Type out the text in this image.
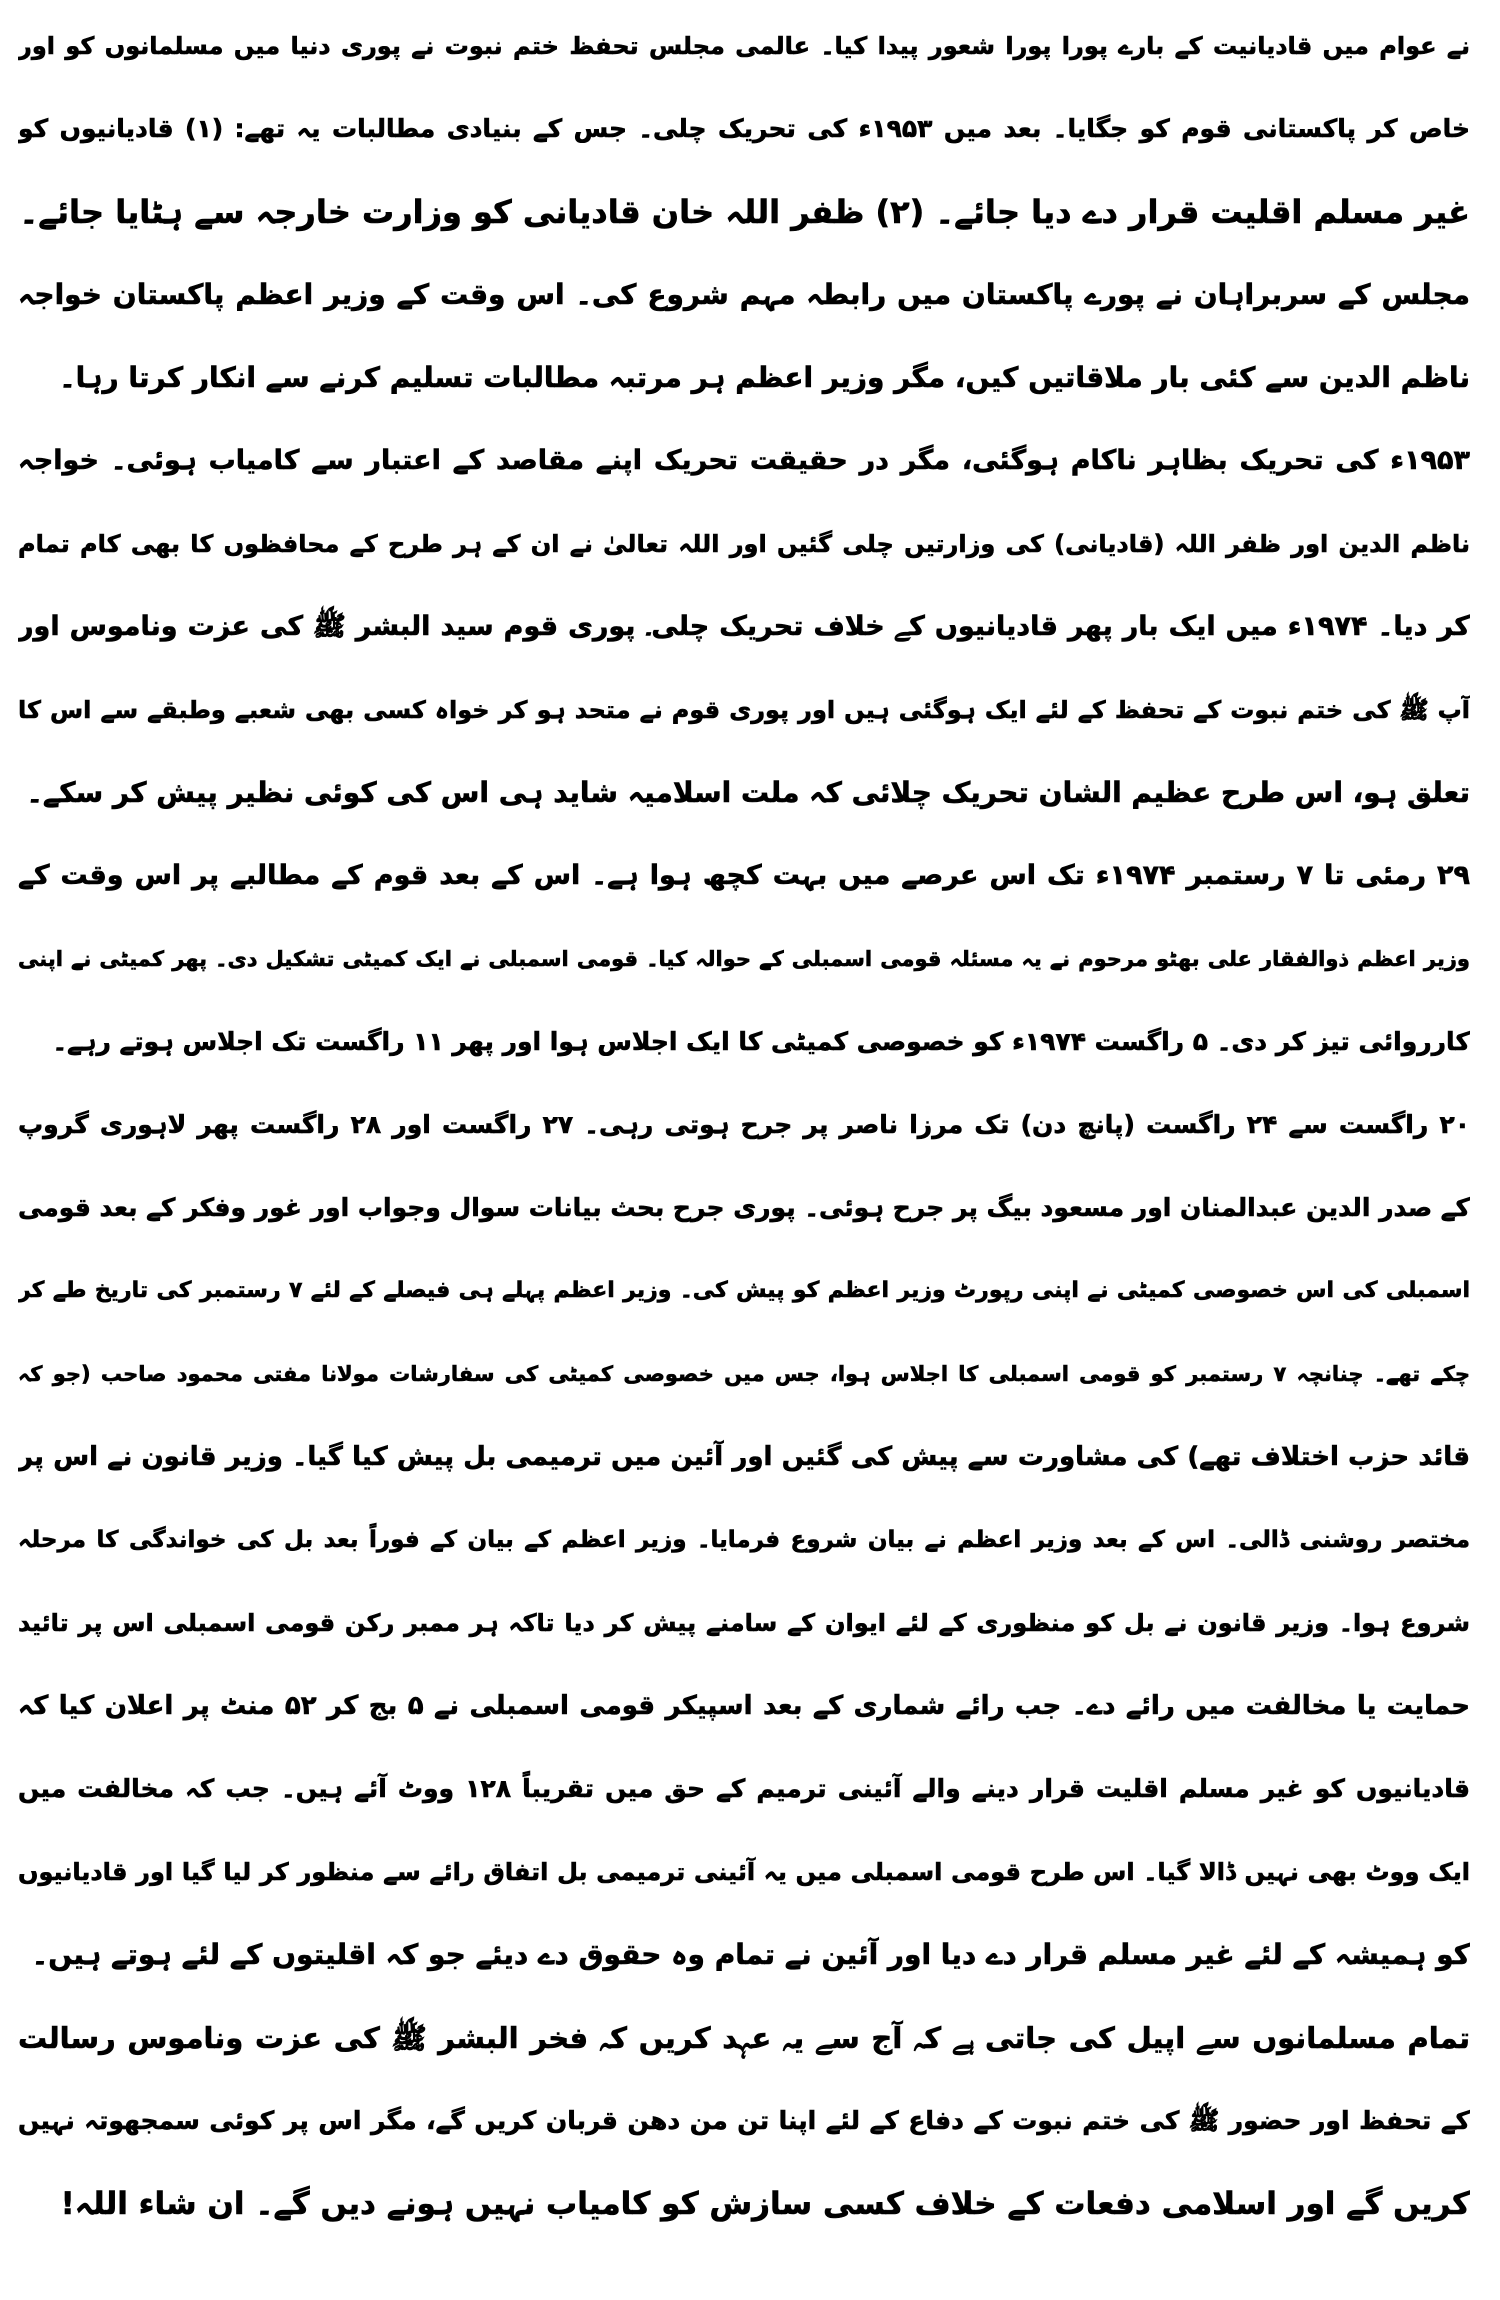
نے عوام میں قادیانیت کے بارے پورا پورا شعور پیدا کیا۔ عالمی مجلس تحفظ ختم نبوت نے پوری دنیا میں مسلمانوں کو اور
خاص کر پاکستانی قوم کو جگایا۔ بعد میں ۱۹۵۳ء کی تحریک چلی۔ جس کے بنیادی مطالبات یہ تھے: (۱) قادیانیوں کو
غیر مسلم اقلیت قرار دے دیا جائے۔ (۲) ظفر اللہ خان قادیانی کو وزارت خارجہ سے ہٹایا جائے۔
مجلس کے سربراہان نے پورے پاکستان میں رابطہ مہم شروع کی۔ اس وقت کے وزیر اعظم پاکستان خواجہ
ناظم الدین سے کئی بار ملاقاتیں کیں، مگر وزیر اعظم ہر مرتبہ مطالبات تسلیم کرنے سے انکار کرتا رہا۔
۱۹۵۳ء کی تحریک بظاہر ناکام ہوگئی، مگر در حقیقت تحریک اپنے مقاصد کے اعتبار سے کامیاب ہوئی۔ خواجہ
ناظم الدین اور ظفر اللہ (قادیانی) کی وزارتیں چلی گئیں اور اللہ تعالیٰ نے ان کے ہر طرح کے محافظوں کا بھی کام تمام
کر دیا۔ ۱۹۷۴ء میں ایک بار پھر قادیانیوں کے خلاف تحریک چلی۔ پوری قوم سید البشر ﷺ کی عزت وناموس اور
آپ ﷺ کی ختم نبوت کے تحفظ کے لئے ایک ہوگئی ہیں اور پوری قوم نے متحد ہو کر خواہ کسی بھی شعبے وطبقے سے اس کا
تعلق ہو، اس طرح عظیم الشان تحریک چلائی کہ ملت اسلامیہ شاید ہی اس کی کوئی نظیر پیش کر سکے۔
۲۹ رمئی تا ۷ رستمبر ۱۹۷۴ء تک اس عرصے میں بہت کچھ ہوا ہے۔ اس کے بعد قوم کے مطالبے پر اس وقت کے
وزیر اعظم ذوالفقار علی بھٹو مرحوم نے یہ مسئلہ قومی اسمبلی کے حوالہ کیا۔ قومی اسمبلی نے ایک کمیٹی تشکیل دی۔ پھر کمیٹی نے اپنی
کارروائی تیز کر دی۔ ۵ راگست ۱۹۷۴ء کو خصوصی کمیٹی کا ایک اجلاس ہوا اور پھر ۱۱ راگست تک اجلاس ہوتے رہے۔
۲۰ راگست سے ۲۴ راگست (پانچ دن) تک مرزا ناصر پر جرح ہوتی رہی۔ ۲۷ راگست اور ۲۸ راگست پھر لاہوری گروپ
کے صدر الدین عبدالمنان اور مسعود بیگ پر جرح ہوئی۔ پوری جرح بحث بیانات سوال وجواب اور غور وفکر کے بعد قومی
اسمبلی کی اس خصوصی کمیٹی نے اپنی رپورٹ وزیر اعظم کو پیش کی۔ وزیر اعظم پہلے ہی فیصلے کے لئے ۷ رستمبر کی تاریخ طے کر
چکے تھے۔ چنانچہ ۷ رستمبر کو قومی اسمبلی کا اجلاس ہوا، جس میں خصوصی کمیٹی کی سفارشات مولانا مفتی محمود صاحب (جو کہ
قائد حزب اختلاف تھے) کی مشاورت سے پیش کی گئیں اور آئین میں ترمیمی بل پیش کیا گیا۔ وزیر قانون نے اس پر
مختصر روشنی ڈالی۔ اس کے بعد وزیر اعظم نے بیان شروع فرمایا۔ وزیر اعظم کے بیان کے فوراً بعد بل کی خواندگی کا مرحلہ
شروع ہوا۔ وزیر قانون نے بل کو منظوری کے لئے ایوان کے سامنے پیش کر دیا تاکہ ہر ممبر رکن قومی اسمبلی اس پر تائید
حمایت یا مخالفت میں رائے دے۔ جب رائے شماری کے بعد اسپیکر قومی اسمبلی نے ۵ بج کر ۵۲ منٹ پر اعلان کیا کہ
قادیانیوں کو غیر مسلم اقلیت قرار دینے والے آئینی ترمیم کے حق میں تقریباً ۱۲۸ ووٹ آئے ہیں۔ جب کہ مخالفت میں
ایک ووٹ بھی نہیں ڈالا گیا۔ اس طرح قومی اسمبلی میں یہ آئینی ترمیمی بل اتفاق رائے سے منظور کر لیا گیا اور قادیانیوں
کو ہمیشہ کے لئے غیر مسلم قرار دے دیا اور آئین نے تمام وہ حقوق دے دیئے جو کہ اقلیتوں کے لئے ہوتے ہیں۔
تمام مسلمانوں سے اپیل کی جاتی ہے کہ آج سے یہ عہد کریں کہ فخر البشر ﷺ کی عزت وناموس رسالت
کے تحفظ اور حضور ﷺ کی ختم نبوت کے دفاع کے لئے اپنا تن من دھن قربان کریں گے، مگر اس پر کوئی سمجھوتہ نہیں
کریں گے اور اسلامی دفعات کے خلاف کسی سازش کو کامیاب نہیں ہونے دیں گے۔ ان شاء اللہ!
